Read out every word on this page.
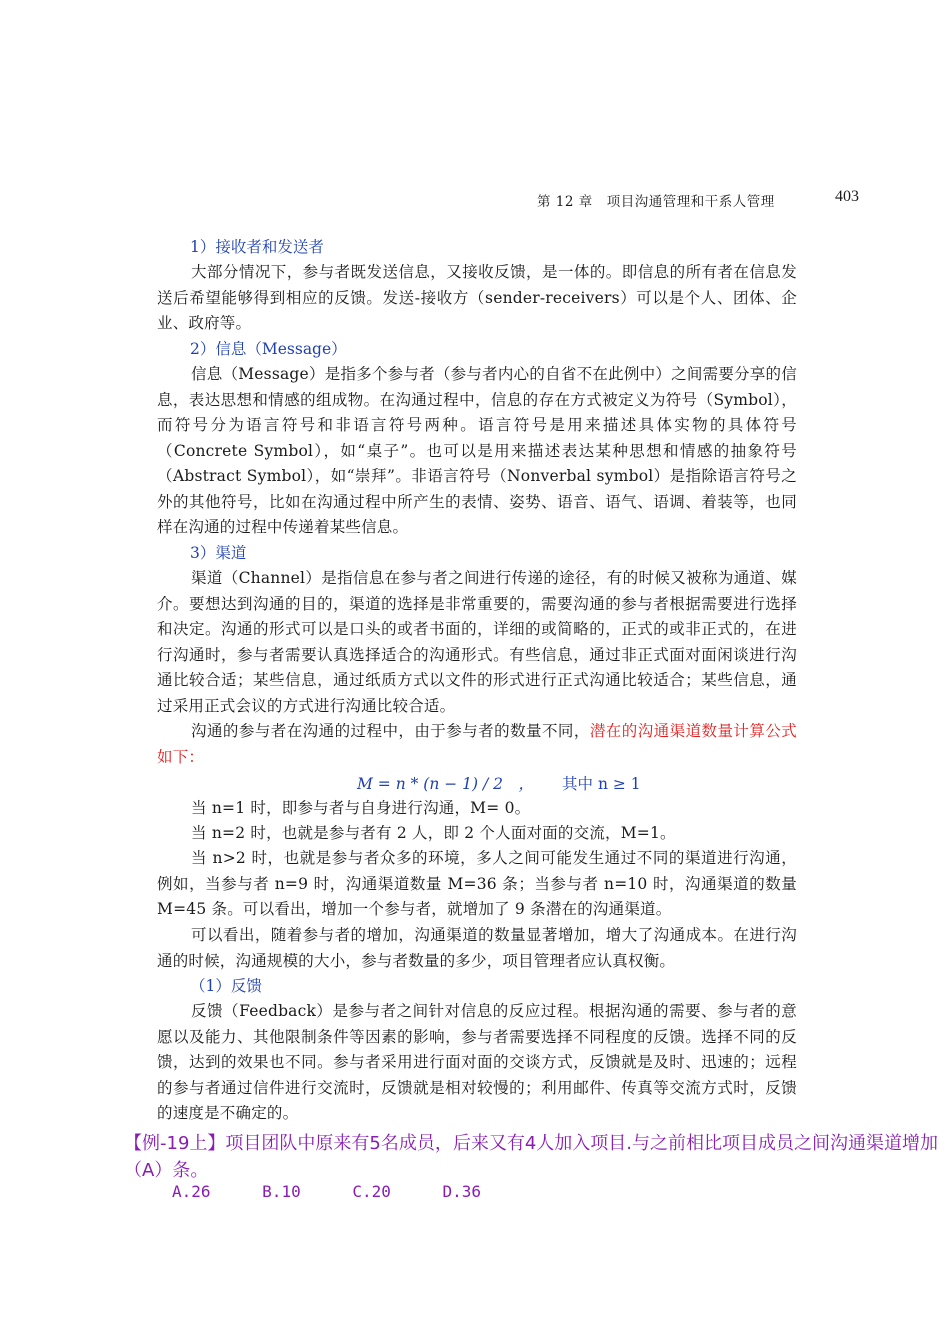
第 12 章　项目沟通管理和干系人管理	403
1）接收者和发送者
大部分情况下，参与者既发送信息，又接收反馈，是一体的。即信息的所有者在信息发送后希望能够得到相应的反馈。发送-接收方（sender-receivers）可以是个人、团体、企业、政府等。
2）信息（Message）
信息（Message）是指多个参与者（参与者内心的自省不在此例中）之间需要分享的信息，表达思想和情感的组成物。在沟通过程中，信息的存在方式被定义为符号（Symbol），而符号分为语言符号和非语言符号两种。语言符号是用来描述具体实物的具体符号（Concrete Symbol），如“桌子”。也可以是用来描述表达某种思想和情感的抽象符号（Abstract Symbol），如“崇拜”。非语言符号（Nonverbal symbol）是指除语言符号之外的其他符号，比如在沟通过程中所产生的表情、姿势、语音、语气、语调、着装等，也同样在沟通的过程中传递着某些信息。
3）渠道
渠道（Channel）是指信息在参与者之间进行传递的途径，有的时候又被称为通道、媒介。要想达到沟通的目的，渠道的选择是非常重要的，需要沟通的参与者根据需要进行选择和决定。沟通的形式可以是口头的或者书面的，详细的或简略的，正式的或非正式的，在进行沟通时，参与者需要认真选择适合的沟通形式。有些信息，通过非正式面对面闲谈进行沟通比较合适；某些信息，通过纸质方式以文件的形式进行正式沟通比较适合；某些信息，通过采用正式会议的方式进行沟通比较合适。
沟通的参与者在沟通的过程中，由于参与者的数量不同，潜在的沟通渠道数量计算公式如下：
M = n * (n − 1) / 2　， 其中 n ≥ 1
当 n=1 时，即参与者与自身进行沟通，M= 0。
当 n=2 时，也就是参与者有 2 人，即 2 个人面对面的交流，M=1。
当 n>2 时，也就是参与者众多的环境，多人之间可能发生通过不同的渠道进行沟通，例如，当参与者 n=9 时，沟通渠道数量 M=36 条；当参与者 n=10 时，沟通渠道的数量 M=45 条。可以看出，增加一个参与者，就增加了 9 条潜在的沟通渠道。
可以看出，随着参与者的增加，沟通渠道的数量显著增加，增大了沟通成本。在进行沟通的时候，沟通规模的大小，参与者数量的多少，项目管理者应认真权衡。
（1）反馈
反馈（Feedback）是参与者之间针对信息的反应过程。根据沟通的需要、参与者的意愿以及能力、其他限制条件等因素的影响，参与者需要选择不同程度的反馈。选择不同的反馈，达到的效果也不同。参与者采用进行面对面的交谈方式，反馈就是及时、迅速的；远程的参与者通过信件进行交流时，反馈就是相对较慢的；利用邮件、传真等交流方式时，反馈的速度是不确定的。
【例-19上】项目团队中原来有5名成员，后来又有4人加入项目.与之前相比项目成员之间沟通渠道增加（A）条。
A.26	B.10	C.20	D.36
